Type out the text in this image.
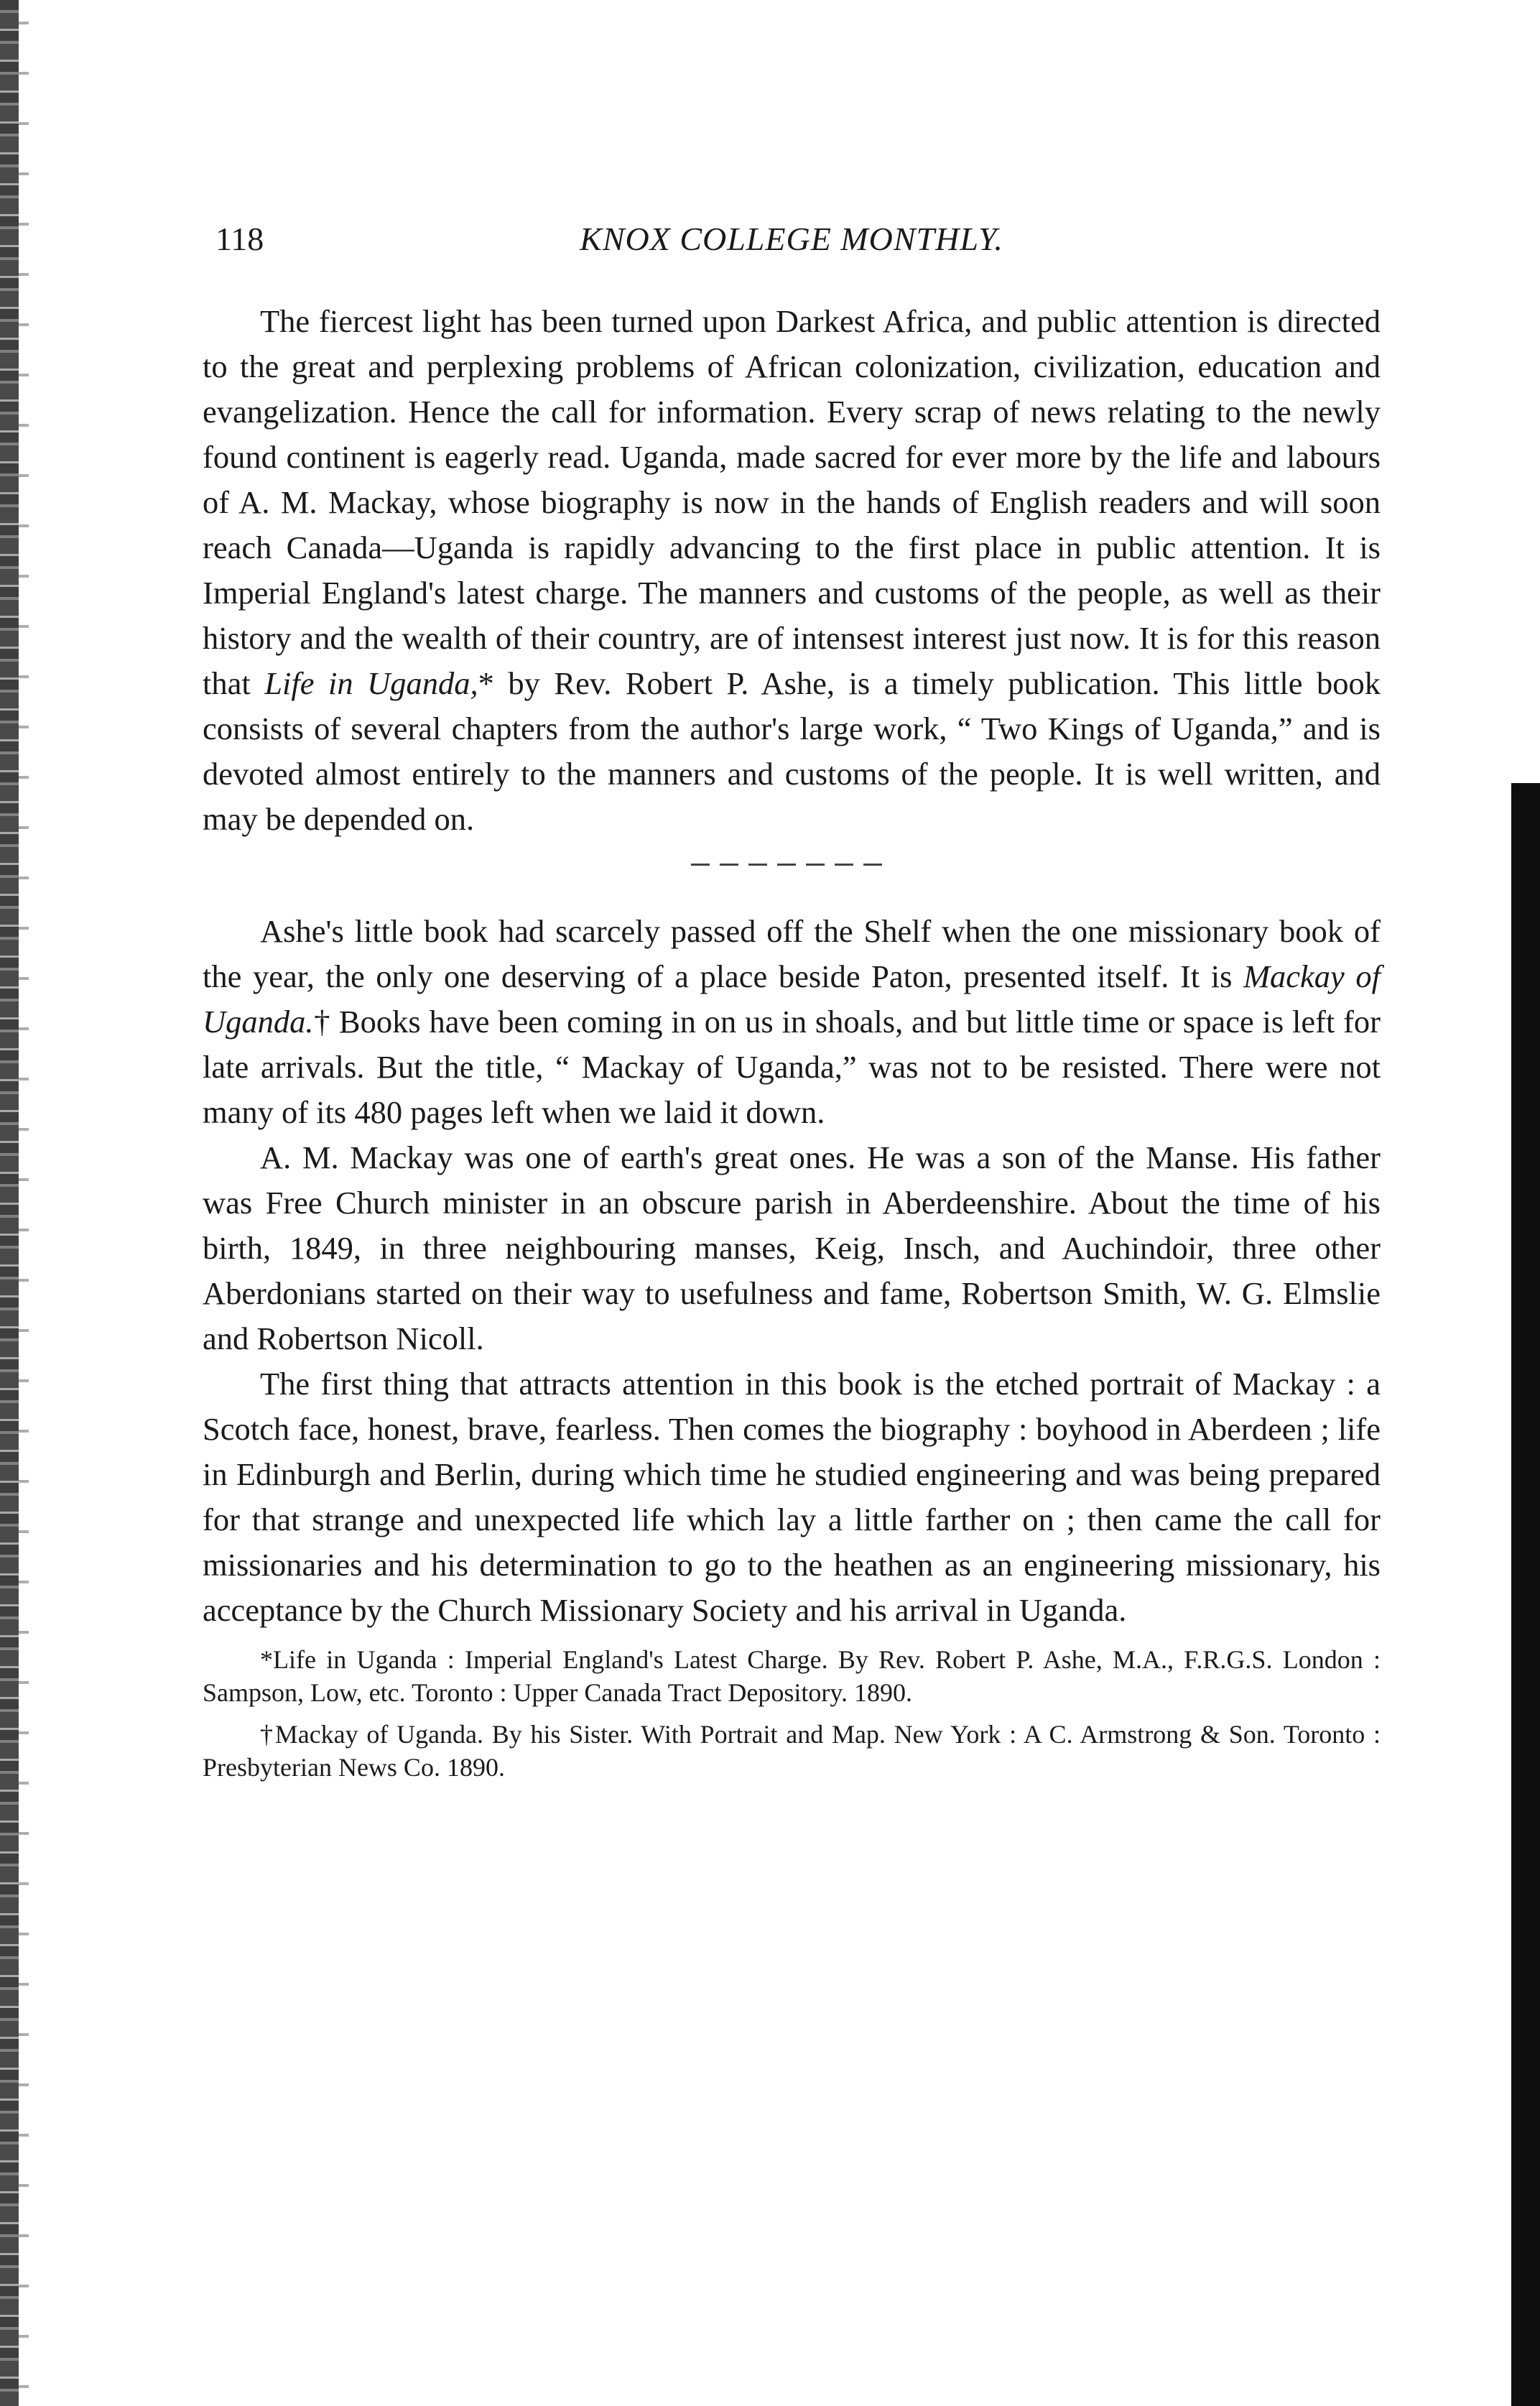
118	KNOX COLLEGE MONTHLY.

The fiercest light has been turned upon Darkest Africa, and public attention is directed to the great and perplexing problems of African colonization, civilization, education and evangelization. Hence the call for information. Every scrap of news relating to the newly found continent is eagerly read. Uganda, made sacred for ever more by the life and labours of A. M. Mackay, whose biography is now in the hands of English readers and will soon reach Canada—Uganda is rapidly advancing to the first place in public attention. It is Imperial England's latest charge. The manners and customs of the people, as well as their history and the wealth of their country, are of intensest interest just now. It is for this reason that Life in Uganda,* by Rev. Robert P. Ashe, is a timely publication. This little book consists of several chapters from the author's large work, “ Two Kings of Uganda,” and is devoted almost entirely to the manners and customs of the people. It is well written, and may be depended on.

Ashe's little book had scarcely passed off the Shelf when the one missionary book of the year, the only one deserving of a place beside Paton, presented itself. It is Mackay of Uganda.† Books have been coming in on us in shoals, and but little time or space is left for late arrivals. But the title, “ Mackay of Uganda,” was not to be resisted. There were not many of its 480 pages left when we laid it down.

A. M. Mackay was one of earth's great ones. He was a son of the Manse. His father was Free Church minister in an obscure parish in Aberdeenshire. About the time of his birth, 1849, in three neighbouring manses, Keig, Insch, and Auchindoir, three other Aberdonians started on their way to usefulness and fame, Robertson Smith, W. G. Elmslie and Robertson Nicoll.

The first thing that attracts attention in this book is the etched portrait of Mackay : a Scotch face, honest, brave, fearless. Then comes the biography : boyhood in Aberdeen ; life in Edinburgh and Berlin, during which time he studied engineering and was being prepared for that strange and unexpected life which lay a little farther on ; then came the call for missionaries and his determination to go to the heathen as an engineering missionary, his acceptance by the Church Missionary Society and his arrival in Uganda.

*Life in Uganda : Imperial England's Latest Charge. By Rev. Robert P. Ashe, M.A., F.R.G.S. London : Sampson, Low, etc. Toronto : Upper Canada Tract Depository. 1890.

†Mackay of Uganda. By his Sister. With Portrait and Map. New York : A C. Armstrong & Son. Toronto : Presbyterian News Co. 1890.
